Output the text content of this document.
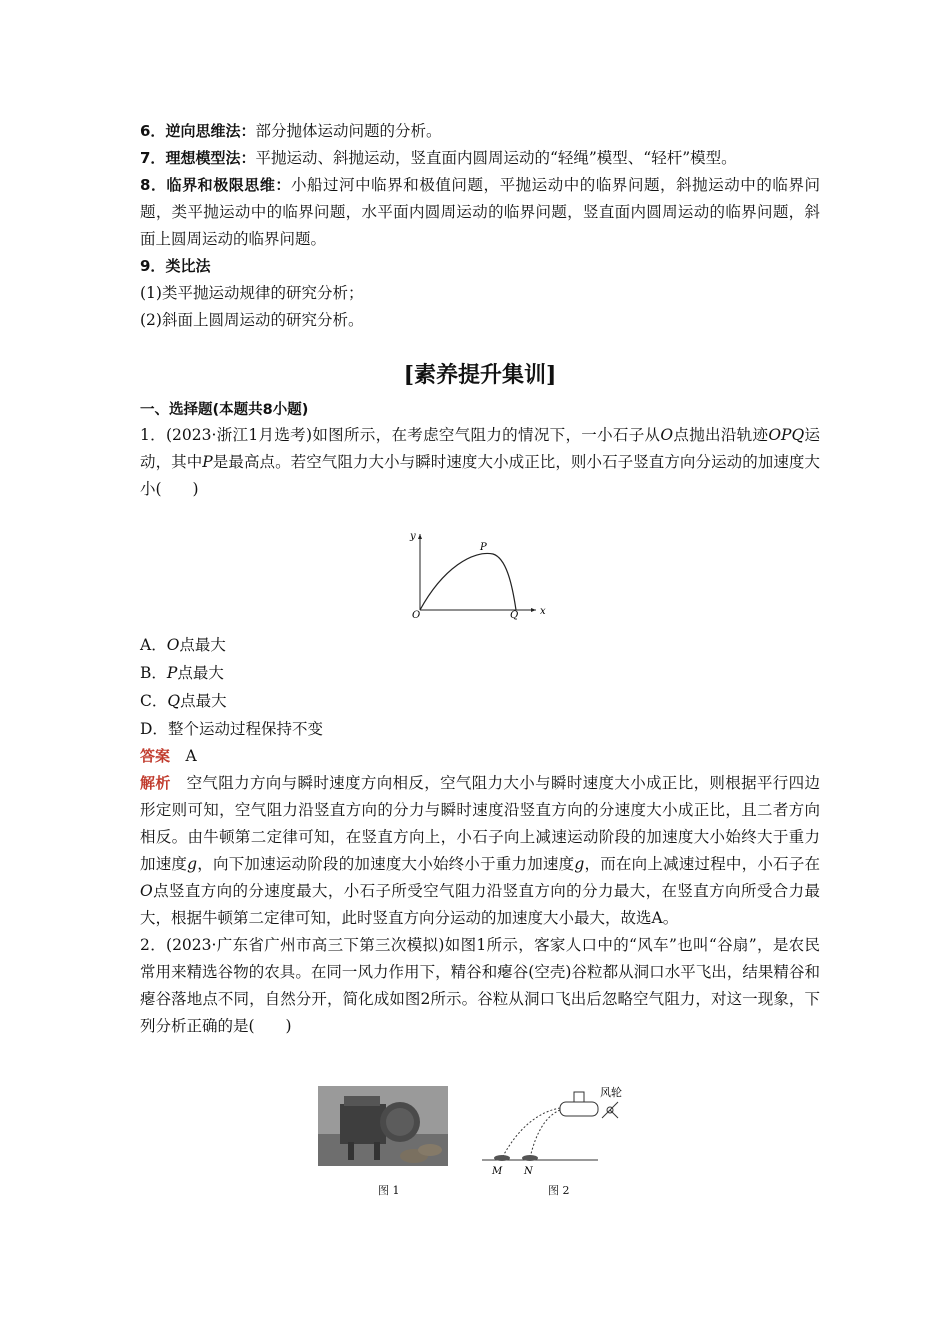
6．逆向思维法：部分抛体运动问题的分析。

7．理想模型法：平抛运动、斜抛运动，竖直面内圆周运动的“轻绳”模型、“轻杆”模型。

8．临界和极限思维：小船过河中临界和极值问题，平抛运动中的临界问题，斜抛运动中的临界问题，类平抛运动中的临界问题，水平面内圆周运动的临界问题，竖直面内圆周运动的临界问题，斜面上圆周运动的临界问题。

9．类比法

(1)类平抛运动规律的研究分析；

(2)斜面上圆周运动的研究分析。

[素养提升集训]
一、选择题(本题共8小题)

1．(2023·浙江1月选考)如图所示，在考虑空气阻力的情况下，一小石子从O点抛出沿轨迹OPQ运动，其中P是最高点。若空气阻力大小与瞬时速度大小成正比，则小石子竖直方向分运动的加速度大小(　　)

A．O点最大

B．P点最大

C．Q点最大

D．整个运动过程保持不变

答案　 A

解析　 空气阻力方向与瞬时速度方向相反，空气阻力大小与瞬时速度大小成正比，则根据平行四边形定则可知，空气阻力沿竖直方向的分力与瞬时速度沿竖直方向的分速度大小成正比，且二者方向相反。由牛顿第二定律可知，在竖直方向上，小石子向上减速运动阶段的加速度大小始终大于重力加速度g，向下加速运动阶段的加速度大小始终小于重力加速度g，而在向上减速过程中，小石子在O点竖直方向的分速度最大，小石子所受空气阻力沿竖直方向的分力最大，在竖直方向所受合力最大，根据牛顿第二定律可知，此时竖直方向分运动的加速度大小最大，故选A。

2．(2023·广东省广州市高三下第三次模拟)如图1所示，客家人口中的“风车”也叫“谷扇”，是农民常用来精选谷物的农具。在同一风力作用下，精谷和瘪谷(空壳)谷粒都从洞口水平飞出，结果精谷和瘪谷落地点不同，自然分开，简化成如图2所示。谷粒从洞口飞出后忽略空气阻力，对这一现象，下列分析正确的是(　　)

y
x
O
P
Q
图 1
M N
风轮
图 2
